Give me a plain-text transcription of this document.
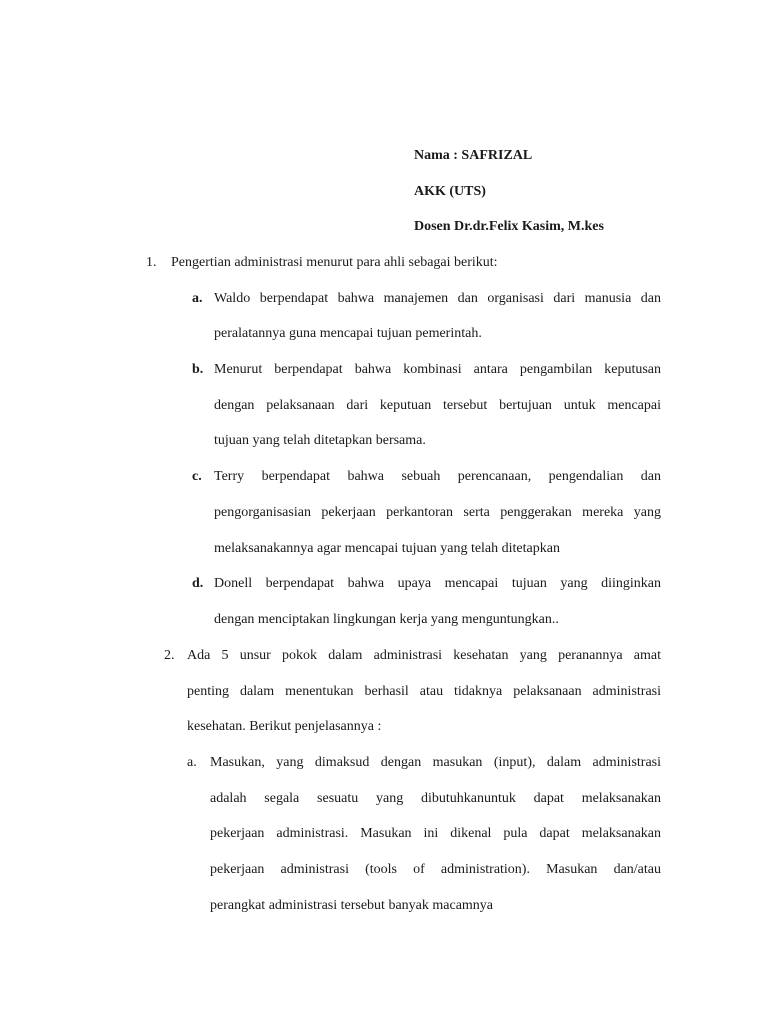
Nama : SAFRIZAL
AKK (UTS)
Dosen Dr.dr.Felix Kasim, M.kes
1. Pengertian administrasi menurut para ahli sebagai berikut:
a. Waldo berpendapat bahwa manajemen dan organisasi dari manusia dan
peralatannya guna mencapai tujuan pemerintah.
b. Menurut berpendapat bahwa kombinasi antara pengambilan keputusan
dengan pelaksanaan dari keputuan tersebut bertujuan untuk mencapai
tujuan yang telah ditetapkan bersama.
c. Terry berpendapat bahwa sebuah perencanaan, pengendalian dan
pengorganisasian pekerjaan perkantoran serta penggerakan mereka yang
melaksanakannya agar mencapai tujuan yang telah ditetapkan
d. Donell berpendapat bahwa upaya mencapai tujuan yang diinginkan
dengan menciptakan lingkungan kerja yang menguntungkan..
2. Ada 5 unsur pokok dalam administrasi kesehatan yang peranannya amat
penting dalam menentukan berhasil atau tidaknya pelaksanaan administrasi
kesehatan. Berikut penjelasannya :
a. Masukan, yang dimaksud dengan masukan (input), dalam administrasi
adalah segala sesuatu yang dibutuhkanuntuk dapat melaksanakan
pekerjaan administrasi. Masukan ini dikenal pula dapat melaksanakan
pekerjaan administrasi (tools of administration). Masukan dan/atau
perangkat administrasi tersebut banyak macamnya
